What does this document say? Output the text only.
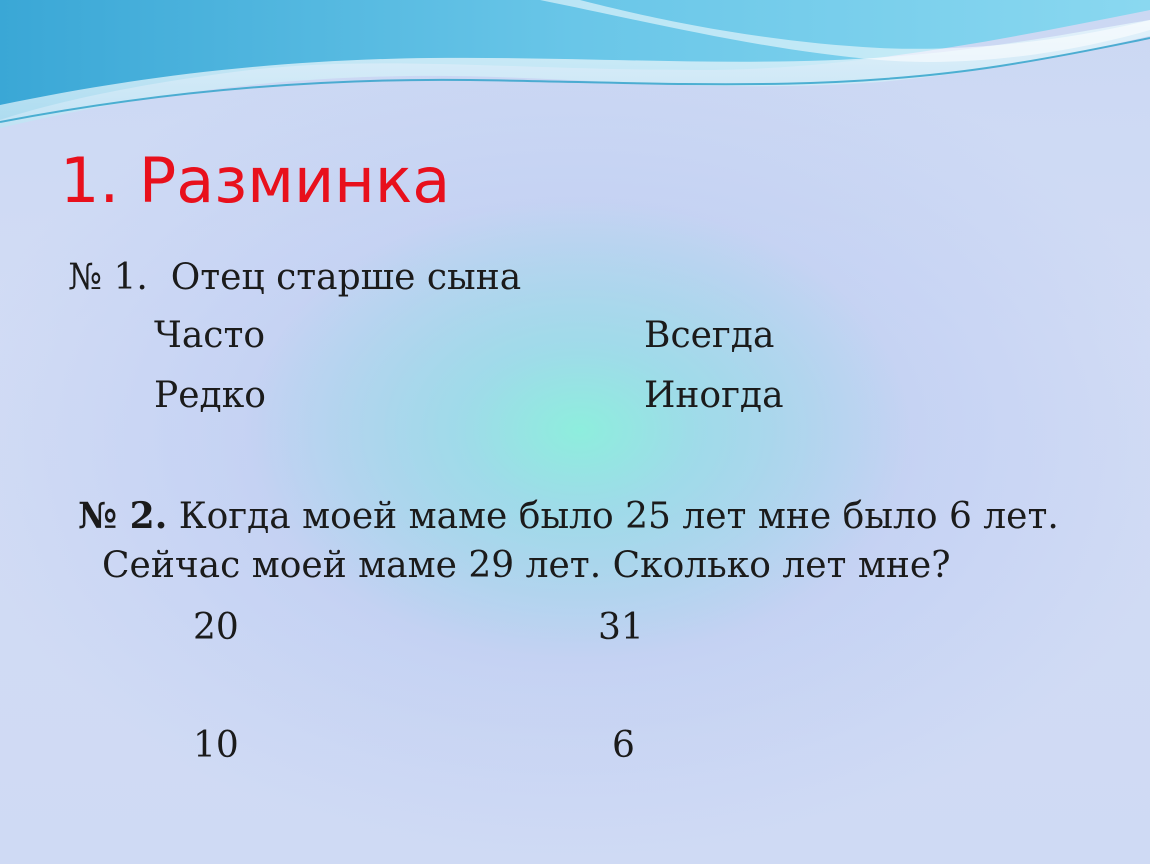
1. Разминка
№ 1. Отец старше сына
Часто	Всегда
Редко	Иногда
№ 2. Когда моей маме было 25 лет мне было 6 лет.
Сейчас моей маме 29 лет. Сколько лет мне?
20	31
10	6
